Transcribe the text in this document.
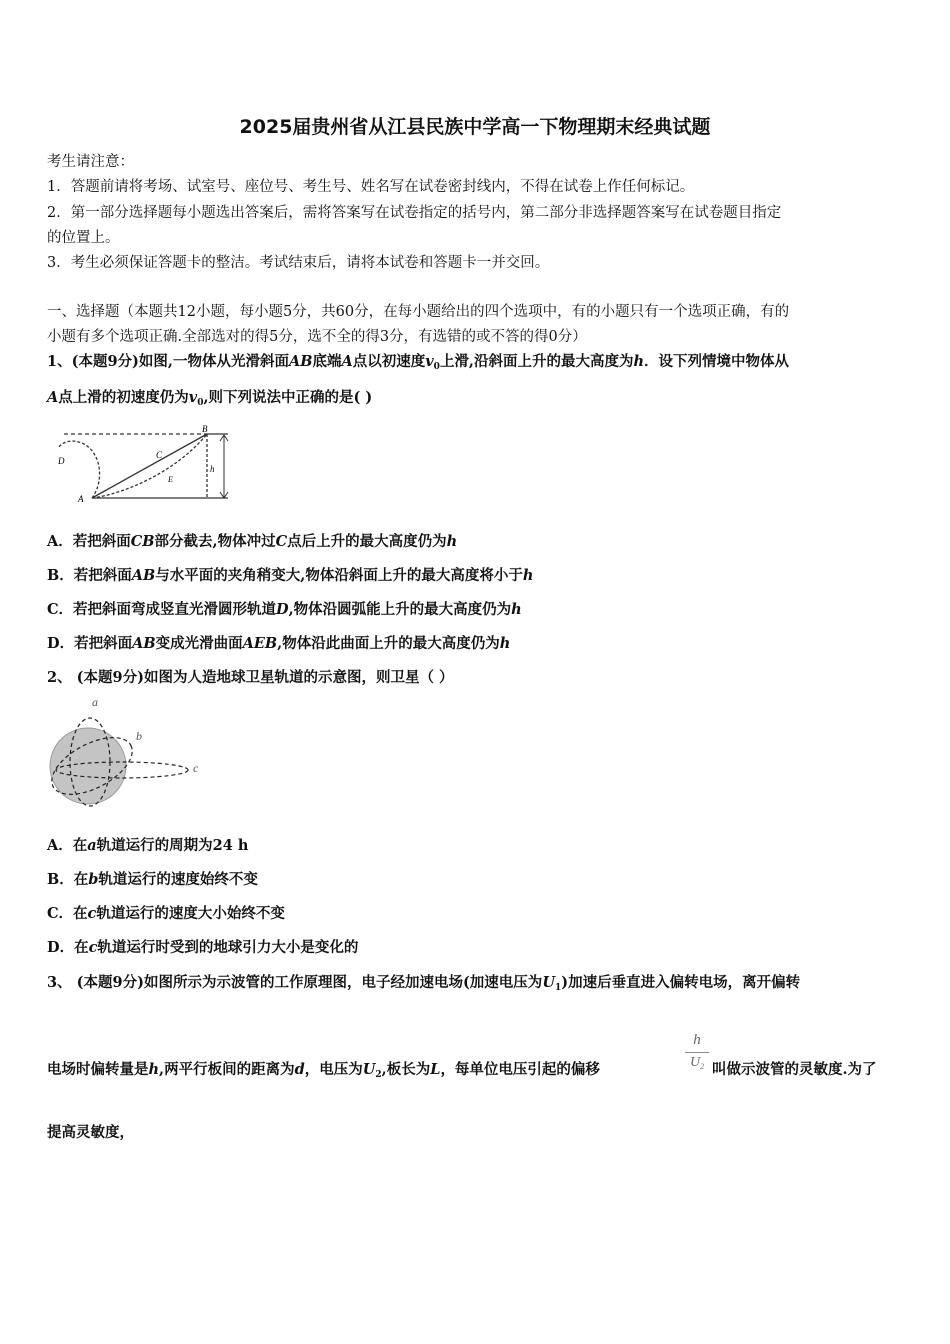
2025届贵州省从江县民族中学高一下物理期末经典试题
考生请注意：
1．答题前请将考场、试室号、座位号、考生号、姓名写在试卷密封线内，不得在试卷上作任何标记。
2．第一部分选择题每小题选出答案后，需将答案写在试卷指定的括号内，第二部分非选择题答案写在试卷题目指定
的位置上。
3．考生必须保证答题卡的整洁。考试结束后，请将本试卷和答题卡一并交回。
一、选择题（本题共12小题，每小题5分，共60分，在每小题给出的四个选项中，有的小题只有一个选项正确，有的
小题有多个选项正确.全部选对的得5分，选不全的得3分，有选错的或不答的得0分）
1、(本题9分)如图,一物体从光滑斜面AB底端A点以初速度$v_0$上滑,沿斜面上升的最大高度为h．设下列情境中物体从
A点上滑的初速度仍为$v_0$,则下列说法中正确的是( )
A
B
C
D
E
h
A．若把斜面CB部分截去,物体冲过C点后上升的最大高度仍为h
B．若把斜面AB与水平面的夹角稍变大,物体沿斜面上升的最大高度将小于h
C．若把斜面弯成竖直光滑圆形轨道D,物体沿圆弧能上升的最大高度仍为h
D．若把斜面AB变成光滑曲面AEB,物体沿此曲面上升的最大高度仍为h
2、 (本题9分)如图为人造地球卫星轨道的示意图，则卫星（ ）
a
b
c
A．在a轨道运行的周期为24 h
B．在b轨道运行的速度始终不变
C．在c轨道运行的速度大小始终不变
D．在c轨道运行时受到的地球引力大小是变化的
3、 (本题9分)如图所示为示波管的工作原理图，电子经加速电场(加速电压为$U_1$)加速后垂直进入偏转电场，离开偏转
电场时偏转量是h,两平行板间的距离为d，电压为$U_2$,板长为L，每单位电压引起的偏移
h
$U_2$ 叫做示波管的灵敏度.为了
提高灵敏度，
